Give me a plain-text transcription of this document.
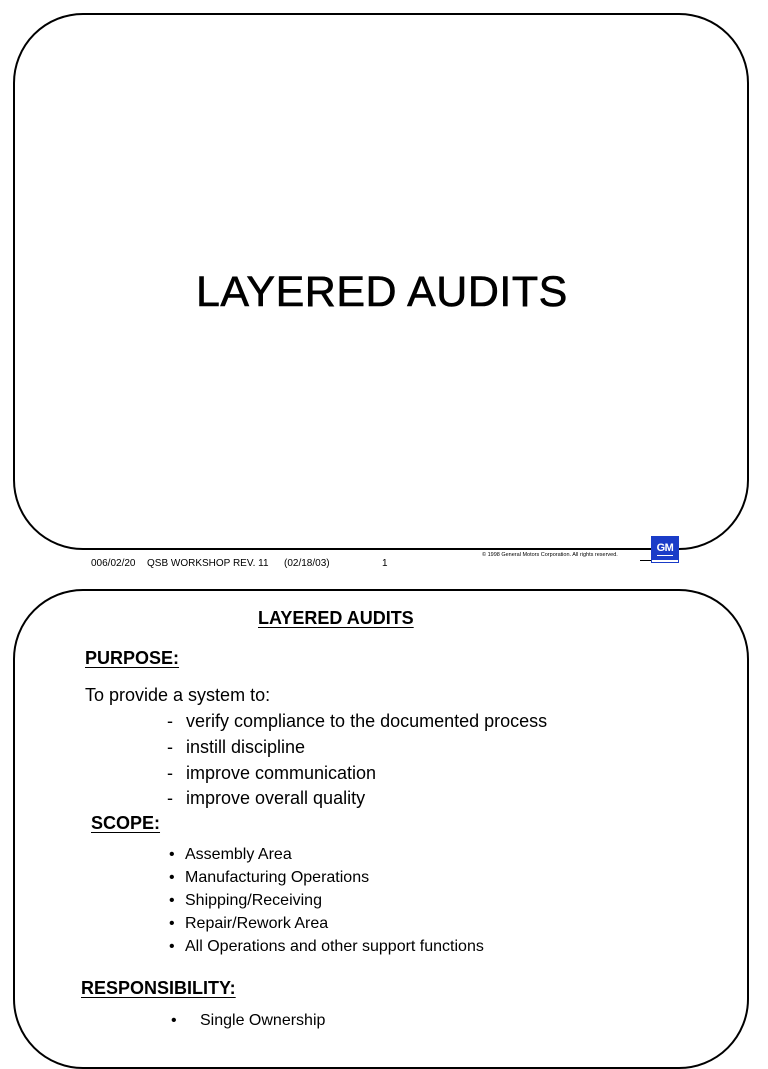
LAYERED AUDITS
006/02/20 QSB WORKSHOP REV. 11 (02/18/03)	1
© 1998 General Motors Corporation. All rights reserved.
GM
LAYERED AUDITS
PURPOSE:
To provide a system to:
- verify compliance to the documented process
- instill discipline
- improve communication
- improve overall quality
SCOPE:
• Assembly Area
• Manufacturing Operations
• Shipping/Receiving
• Repair/Rework Area
• All Operations and other support functions
RESPONSIBILITY:
• Single Ownership
